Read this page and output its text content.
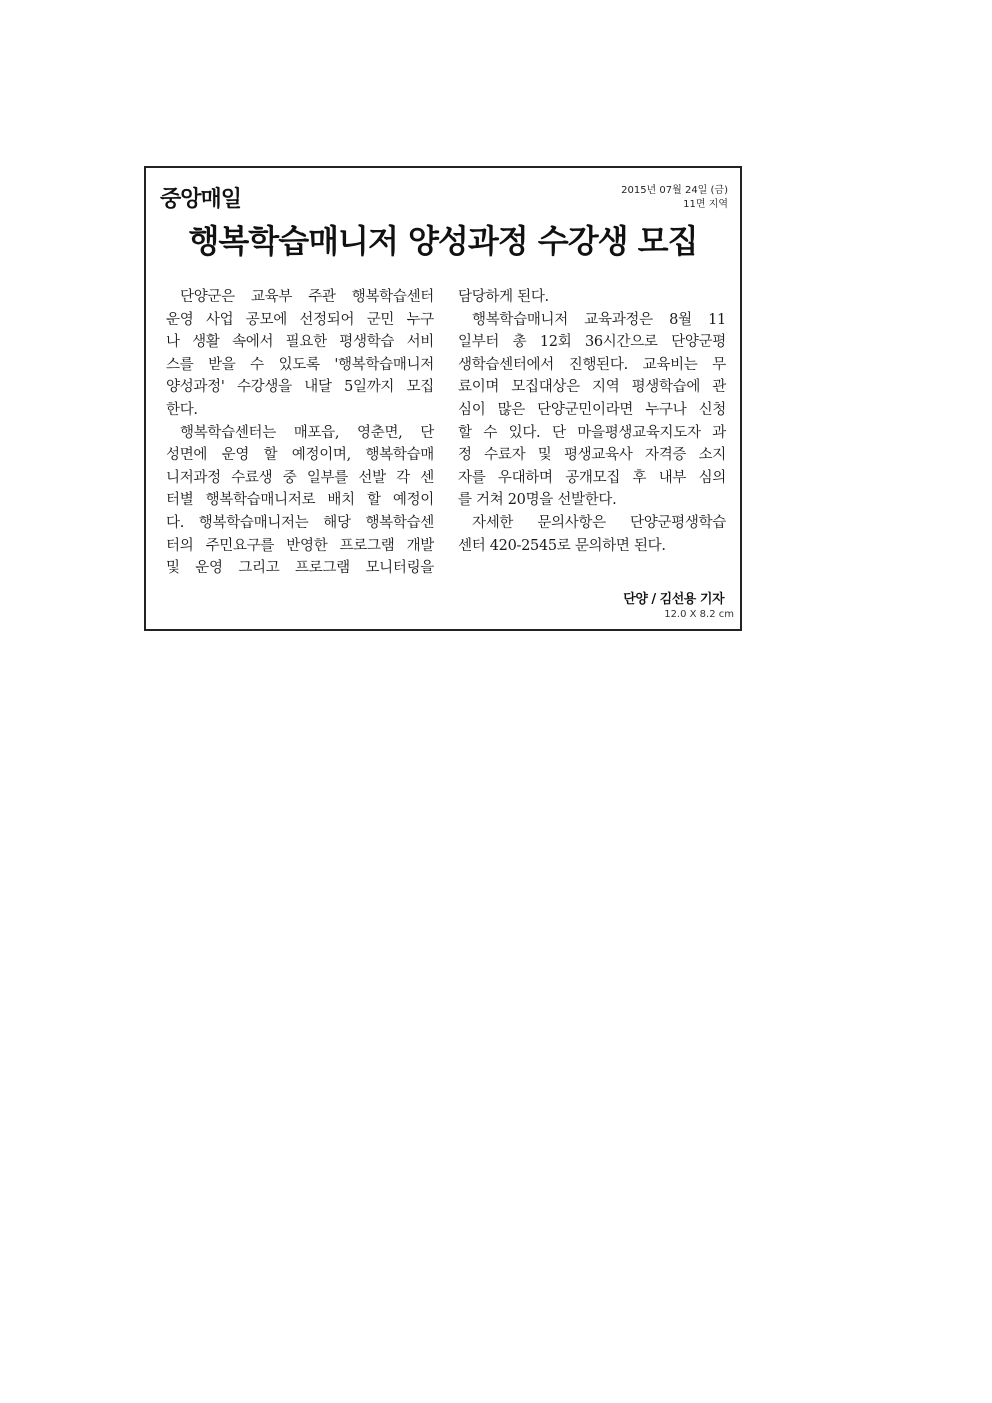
중앙매일	2015년 07월 24일 (금)
11면 지역
행복학습매니저 양성과정 수강생 모집
단양군은 교육부 주관 행복학습센터
운영 사업 공모에 선정되어 군민 누구
나 생활 속에서 필요한 평생학습 서비
스를 받을 수 있도록 '행복학습매니저
양성과정' 수강생을 내달 5일까지 모집
한다.
행복학습센터는 매포읍, 영춘면, 단
성면에 운영 할 예정이며, 행복학습매
니저과정 수료생 중 일부를 선발 각 센
터별 행복학습매니저로 배치 할 예정이
다. 행복학습매니저는 해당 행복학습센
터의 주민요구를 반영한 프로그램 개발
및 운영 그리고 프로그램 모니터링을
담당하게 된다.
행복학습매니저 교육과정은 8월 11
일부터 총 12회 36시간으로 단양군평
생학습센터에서 진행된다. 교육비는 무
료이며 모집대상은 지역 평생학습에 관
심이 많은 단양군민이라면 누구나 신청
할 수 있다. 단 마을평생교육지도자 과
정 수료자 및 평생교육사 자격증 소지
자를 우대하며 공개모집 후 내부 심의
를 거쳐 20명을 선발한다.
자세한 문의사항은 단양군평생학습
센터 420-2545로 문의하면 된다.
단양 / 김선용 기자
12.0 X 8.2 cm
